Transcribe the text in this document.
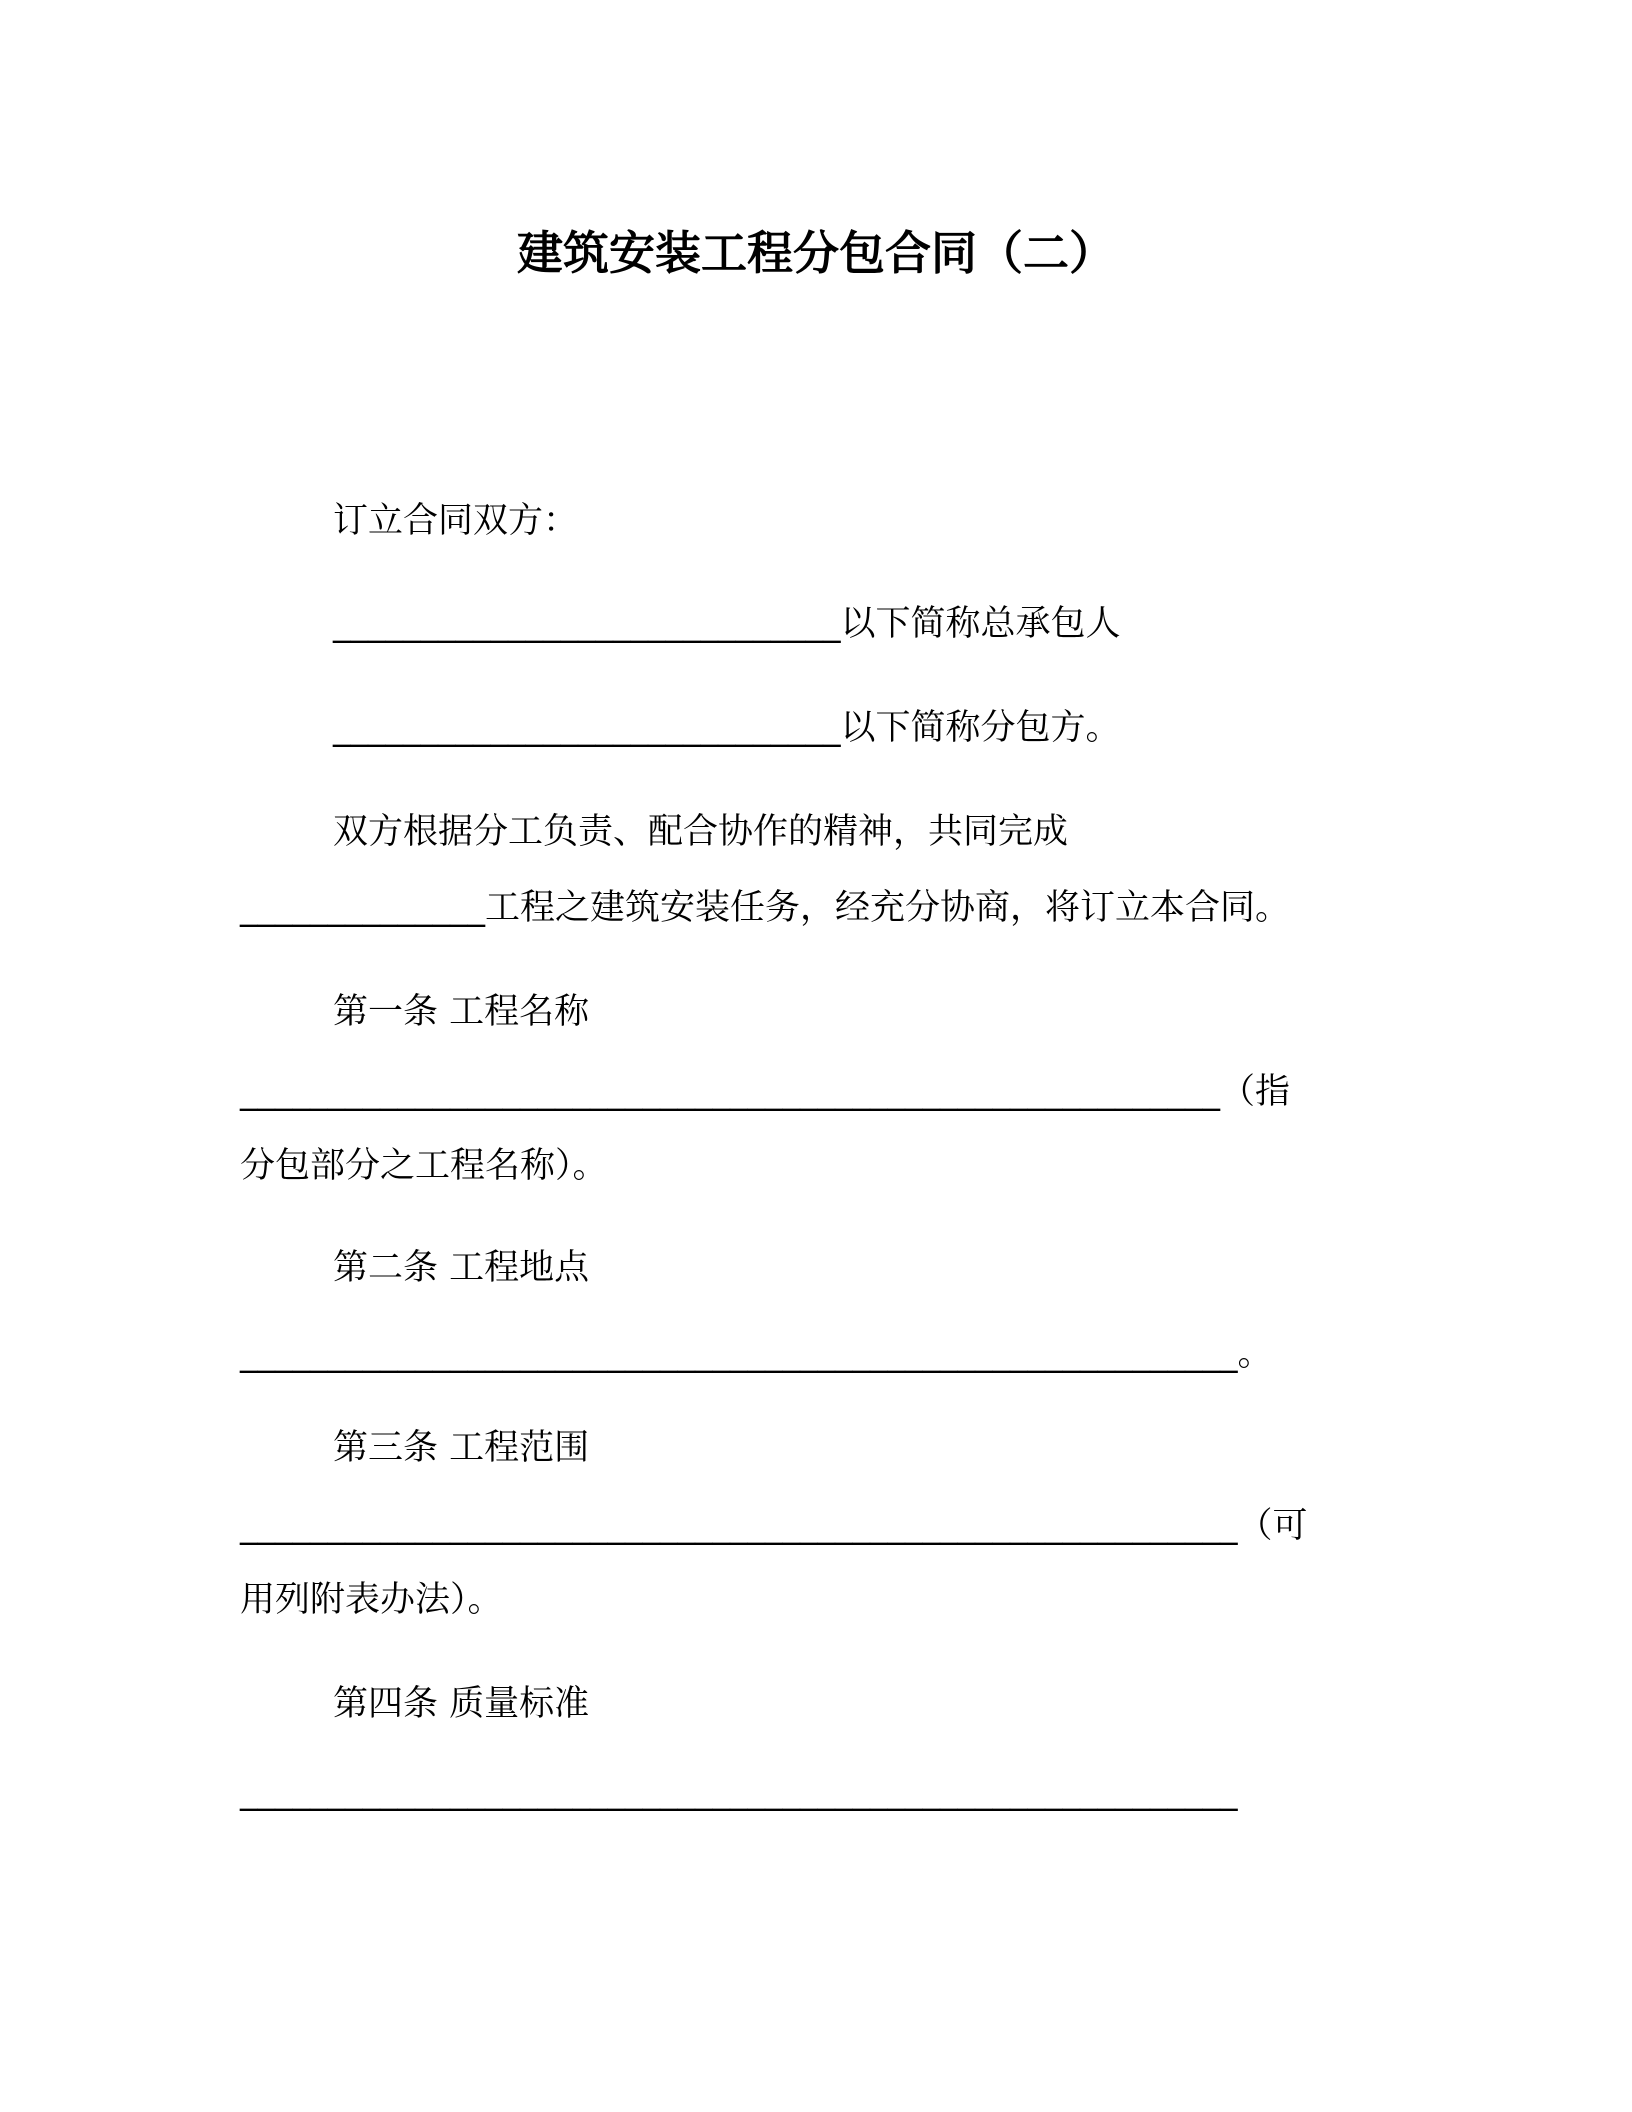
建筑安装工程分包合同（二）
订立合同双方：
_____________________________以下简称总承包人
_____________________________以下简称分包方。
双方根据分工负责、配合协作的精神，共同完成
______________工程之建筑安装任务，经充分协商，将订立本合同。
第一条 工程名称
________________________________________________________（指
分包部分之工程名称）。
第二条 工程地点
_________________________________________________________。
第三条 工程范围
_________________________________________________________（可
用列附表办法）。
第四条 质量标准
_________________________________________________________
